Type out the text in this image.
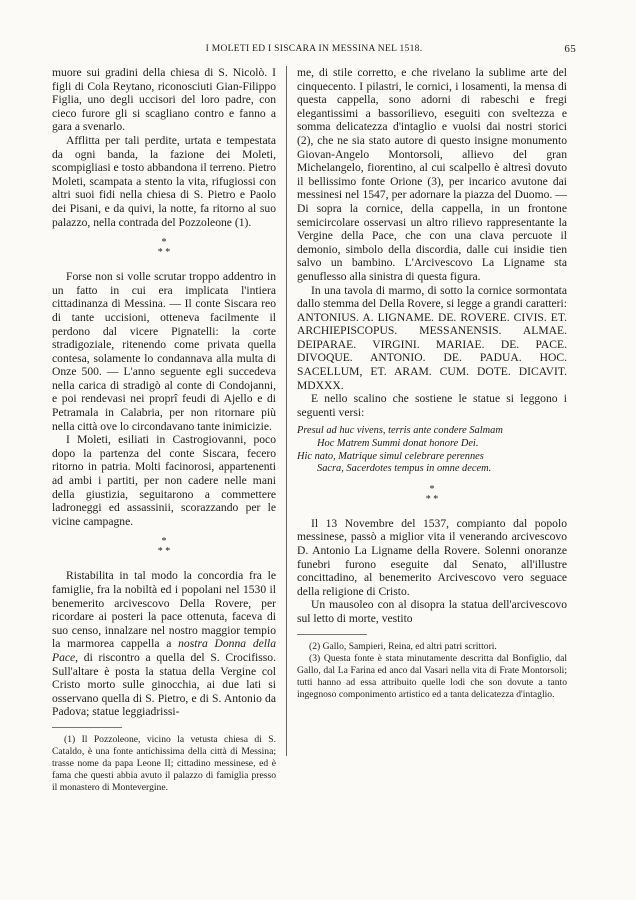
I MOLETI ED I SISCARA IN MESSINA NEL 1518.	65

muore sui gradini della chiesa di S. Nicolò. I figli di Cola Reytano, riconosciuti Gian-Filippo Figlia, uno degli uccisori del loro padre, con cieco furore gli si scagliano contro e fanno a gara a svenarlo.

Afflitta per tali perdite, urtata e tempestata da ogni banda, la fazione dei Moleti, scompigliasi e tosto abbandona il terreno. Pietro Moleti, scampata a stento la vita, rifugiossi con altri suoi fidi nella chiesa di S. Pietro e Paolo dei Pisani, e da quivi, la notte, fa ritorno al suo palazzo, nella contrada del Pozzoleone (1).

*
* *

Forse non si volle scrutar troppo addentro in un fatto in cui era implicata l'intiera cittadinanza di Messina. — Il conte Siscara reo di tante uccisioni, otteneva facilmente il perdono dal vicere Pignatelli: la corte stradigoziale, ritenendo come privata quella contesa, solamente lo condannava alla multa di Onze 500. — L'anno seguente egli succedeva nella carica di stradigò al conte di Condojanni, e poi rendevasi nei proprî feudi di Ajello e di Petramala in Calabria, per non ritornare più nella città ove lo circondavano tante inimicizie.

I Moleti, esiliati in Castrogiovanni, poco dopo la partenza del conte Siscara, fecero ritorno in patria. Molti facinorosi, appartenenti ad ambi i partiti, per non cadere nelle mani della giustizia, seguitarono a commettere ladroneggi ed assassinii, scorazzando per le vicine campagne.

*
* *

Ristabilita in tal modo la concordia fra le famiglie, fra la nobiltà ed i popolani nel 1530 il benemerito arcivescovo Della Rovere, per ricordare ai posteri la pace ottenuta, faceva di suo censo, innalzare nel nostro maggior tempio la marmorea cappella a nostra Donna della Pace, di riscontro a quella del S. Crocifisso. Sull'altare è posta la statua della Vergine col Cristo morto sulle ginocchia, ai due lati si osservano quella di S. Pietro, e di S. Antonio da Padova; statue leggiadrissi-

(1) Il Pozzoleone, vicino la vetusta chiesa di S. Cataldo, è una fonte antichissima della città di Messina; trasse nome da papa Leone II; cittadino messinese, ed è fama che questi abbia avuto il palazzo di famiglia presso il monastero di Montevergine.

me, di stile corretto, e che rivelano la sublime arte del cinquecento. I pilastri, le cornici, i losamenti, la mensa di questa cappella, sono adorni di rabeschi e fregi elegantissimi a bassorilievo, eseguiti con sveltezza e somma delicatezza d'intaglio e vuolsi dai nostri storici (2), che ne sia stato autore di questo insigne monumento Giovan-Angelo Montorsoli, allievo del gran Michelangelo, fiorentino, al cui scalpello è altresì dovuto il bellissimo fonte Orione (3), per incarico avutone dai messinesi nel 1547, per adornare la piazza del Duomo. — Di sopra la cornice, della cappella, in un frontone semicircolare osservasi un altro rilievo rappresentante la Vergine della Pace, che con una clava percuote il demonio, simbolo della discordia, dalle cui insidie tien salvo un bambino. L'Arcivescovo La Ligname sta genuflesso alla sinistra di questa figura.

In una tavola di marmo, di sotto la cornice sormontata dallo stemma del Della Rovere, si legge a grandi caratteri: ANTONIUS. A. LIGNAME. DE. ROVERE. CIVIS. ET. ARCHIEPISCOPUS. MESSANENSIS. ALMAE. DEIPARAE. VIRGINI. MARIAE. DE. PACE. DIVOQUE. ANTONIO. DE. PADUA. HOC. SACELLUM, ET. ARAM. CUM. DOTE. DICAVIT. MDXXX.

E nello scalino che sostiene le statue si leggono i seguenti versi:

Presul ad huc vivens, terris ante condere Salmam
Hoc Matrem Summi donat honore Dei.
Hic nato, Matrique simul celebrare perennes
Sacra, Sacerdotes tempus in omne decem.
*
* *

Il 13 Novembre del 1537, compianto dal popolo messinese, passò a miglior vita il venerando arcivescovo D. Antonio La Ligname della Rovere. Solenni onoranze funebri furono eseguite dal Senato, all'illustre concittadino, al benemerito Arcivescovo vero seguace della religione di Cristo.

Un mausoleo con al disopra la statua dell'arcivescovo sul letto di morte, vestito

(2) Gallo, Sampieri, Reina, ed altri patri scrittori.

(3) Questa fonte è stata minutamente descritta dal Bonfiglio, dal Gallo, dal La Farina ed anco dal Vasari nella vita di Frate Montorsoli; tutti hanno ad essa attribuito quelle lodi che son dovute a tanto ingegnoso componimento artistico ed a tanta delicatezza d'intaglio.
